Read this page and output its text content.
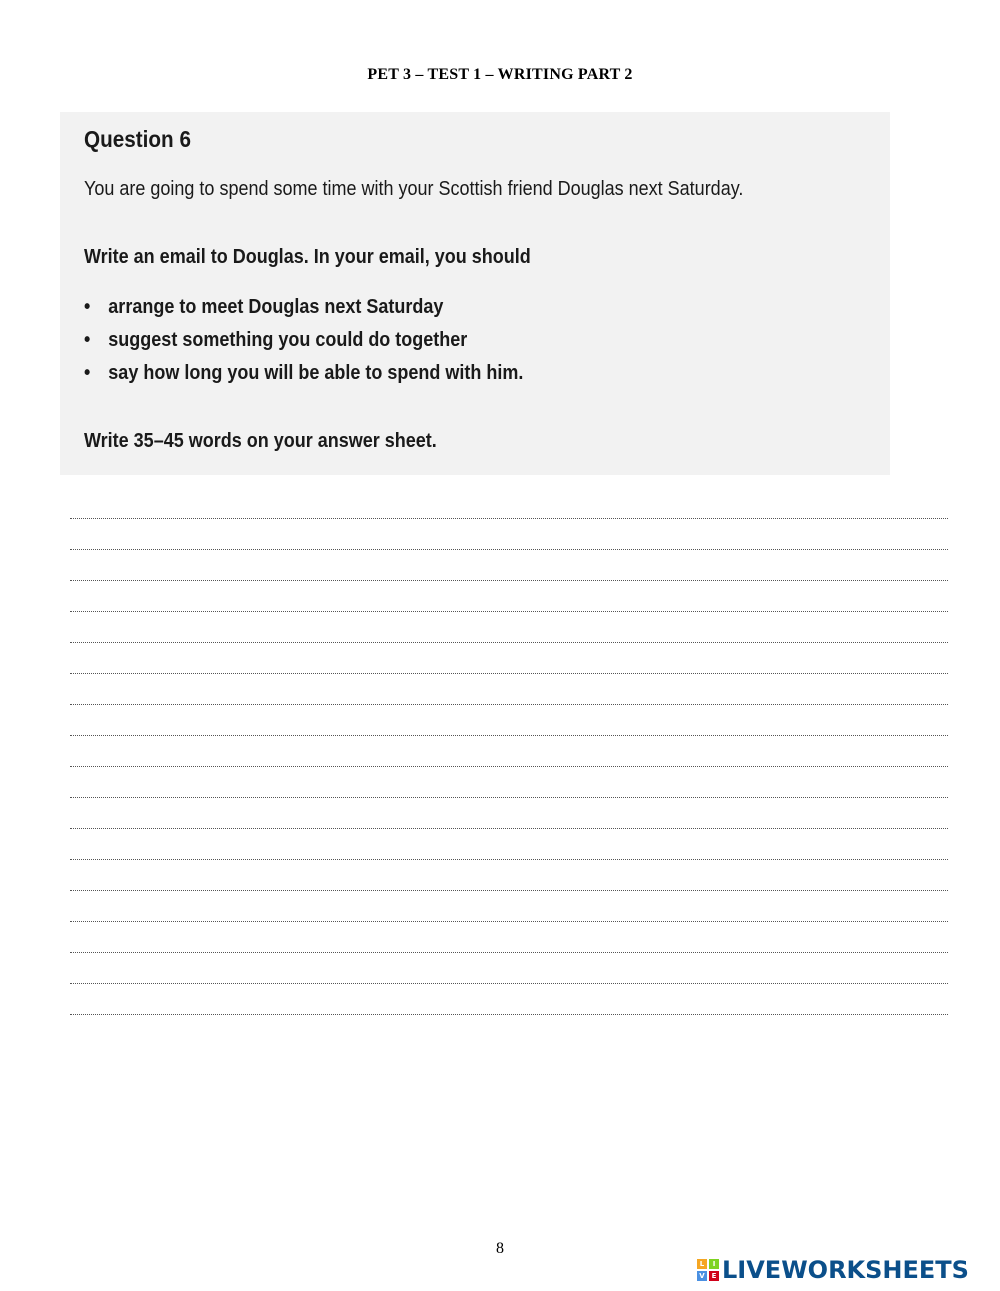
PET 3 – TEST 1 – WRITING PART 2
Question 6
You are going to spend some time with your Scottish friend Douglas next Saturday.
Write an email to Douglas. In your email, you should
• arrange to meet Douglas next Saturday
• suggest something you could do together
• say how long you will be able to spend with him.
Write 35–45 words on your answer sheet.
8
L	I
V E LIVEWORKSHEETS
